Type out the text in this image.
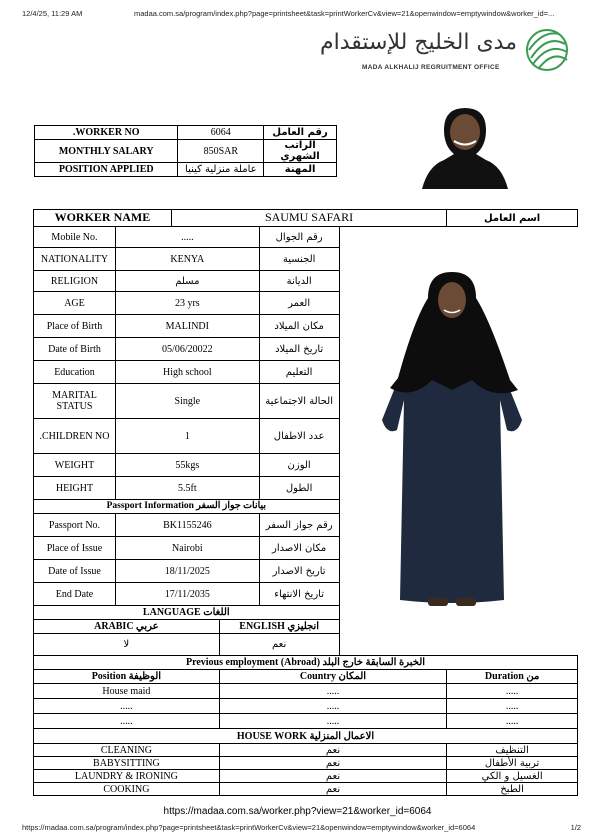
12/4/25, 11:29 AM	madaa.com.sa/program/index.php?page=printsheet&task=printWorkerCv&view=21&openwindow=emptywindow&worker_id=...
مدى الخليج للإستقدام
MADA ALKHALIJ REGRUITMENT OFFICE
.WORKER NO	6064	رقم العامل
MONTHLY SALARY	850SAR	الراتب الشهري
POSITION APPLIED	عاملة منزلية كينيا	المهنة
WORKER NAME		SAUMU SAFARI				اسم العامل
Mobile No.	.....			رقم الجوال		
NATIONALITY	KENYA			الجنسية		
RELIGION	مسلم			الديانة		
AGE	23 yrs			العمر		
Place of Birth	MALINDI			مكان الميلاد		
Date of Birth	05/06/20022			تاريخ الميلاد		
Education	High school			التعليم		
MARITAL STATUS	Single			الحالة الاجتماعية		
.CHILDREN NO	1			عدد الاطفال		
WEIGHT	55kgs			الوزن		
HEIGHT	5.5ft			الطول		
Passport Information بيانات جواز السفر						
Passport No.	BK1155246			رقم جواز السفر		
Place of Issue	Nairobi			مكان الاصدار		
Date of Issue	18/11/2025			تاريخ الاصدار		
End Date	17/11/2035			تاريخ الانتهاء		
LANGUAGE اللغات						
ARABIC عربي			ENGLISH انجليزي			
لا			نعم			
Previous employment (Abroad) الخبرة السابقة خارج البلد						
Position الوظيفة			Country المكان			Duration من
House maid			.....			.....
.....			.....			.....
.....			.....			.....
HOUSE WORK الاعمال المنزلية						
CLEANING			نعم			التنظيف
BABYSITTING			نعم			تربية الأطفال
LAUNDRY & IRONING			نعم			الغسيل و الكي
COOKING			نعم			الطبخ
https://madaa.com.sa/worker.php?view=21&worker_id=6064
https://madaa.com.sa/program/index.php?page=printsheet&task=printWorkerCv&view=21&openwindow=emptywindow&worker_id=6064	1/2
